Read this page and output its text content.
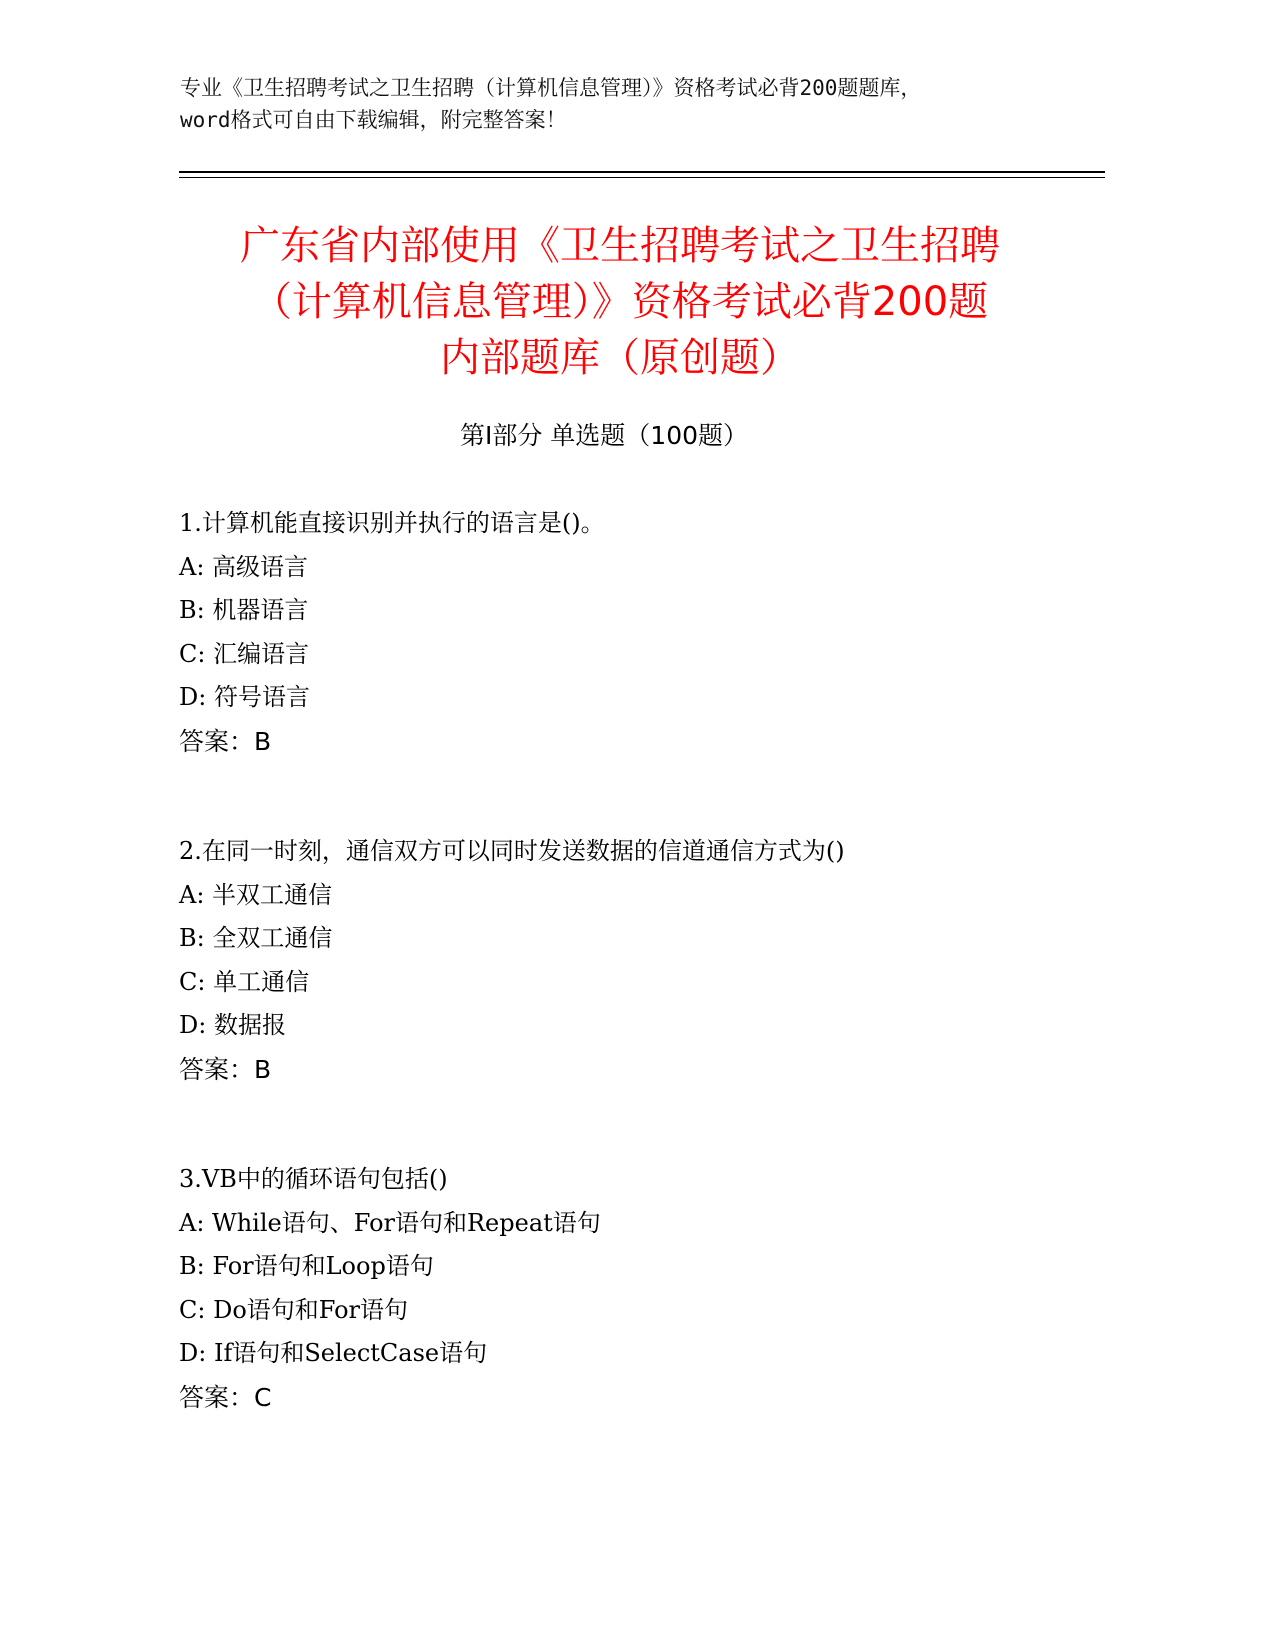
专业《卫生招聘考试之卫生招聘（计算机信息管理）》资格考试必背200题题库，
word格式可自由下载编辑，附完整答案！
广东省内部使用《卫生招聘考试之卫生招聘
（计算机信息管理）》资格考试必背200题
内部题库（原创题）
第Ⅰ部分 单选题（100题）
1.计算机能直接识别并执行的语言是()。
A: 高级语言
B: 机器语言
C: 汇编语言
D: 符号语言
答案：B
2.在同一时刻，通信双方可以同时发送数据的信道通信方式为()
A: 半双工通信
B: 全双工通信
C: 单工通信
D: 数据报
答案：B
3.VB中的循环语句包括()
A: While语句、For语句和Repeat语句
B: For语句和Loop语句
C: Do语句和For语句
D: If语句和SelectCase语句
答案：C
